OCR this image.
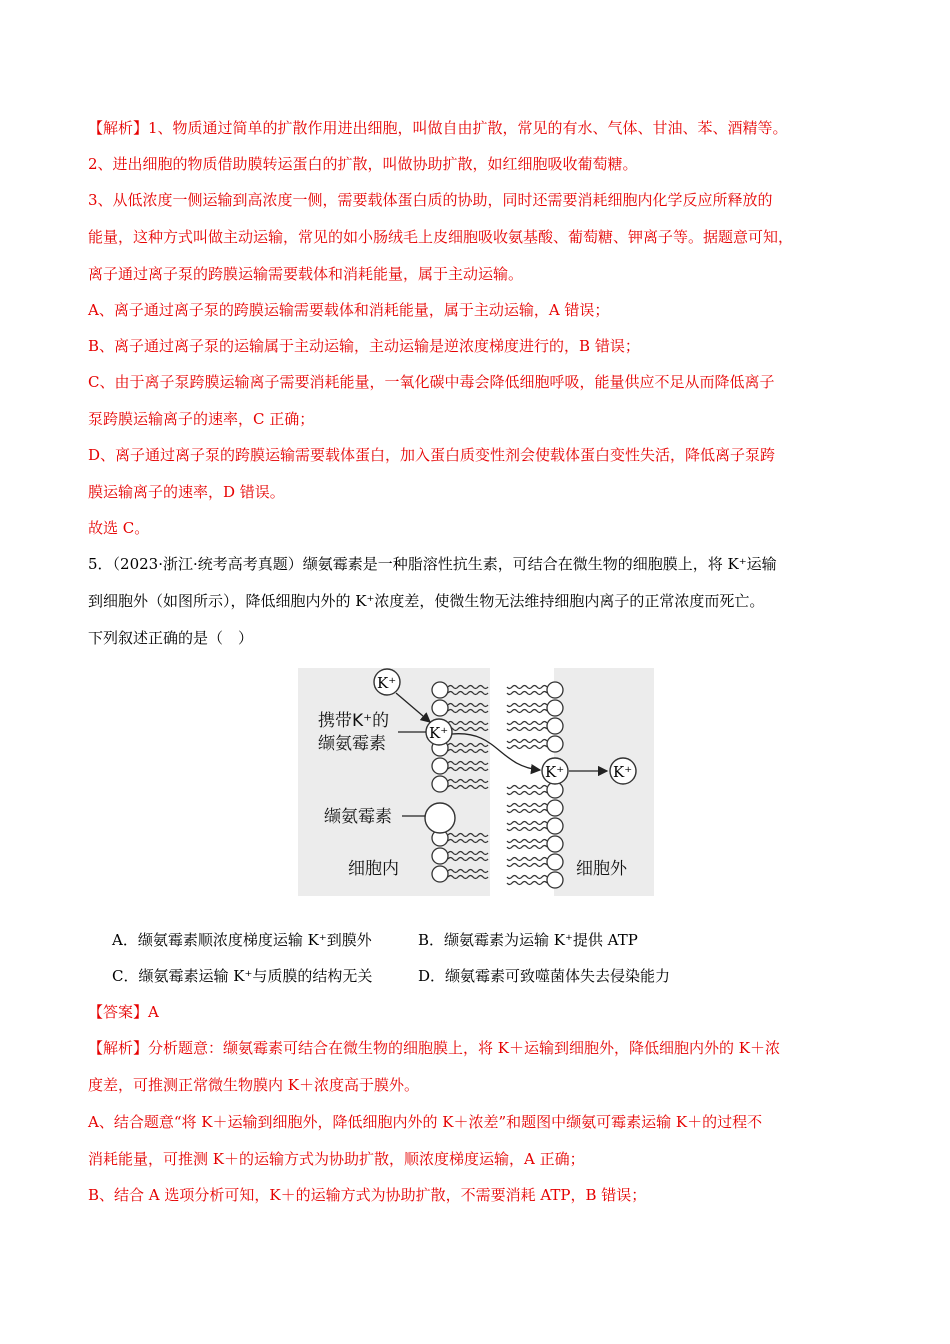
【解析】1、物质通过简单的扩散作用进出细胞，叫做自由扩散，常见的有水、气体、甘油、苯、酒精等。
2、进出细胞的物质借助膜转运蛋白的扩散，叫做协助扩散，如红细胞吸收葡萄糖。
3、从低浓度一侧运输到高浓度一侧，需要载体蛋白质的协助，同时还需要消耗细胞内化学反应所释放的
能量，这种方式叫做主动运输，常见的如小肠绒毛上皮细胞吸收氨基酸、葡萄糖、钾离子等。据题意可知，
离子通过离子泵的跨膜运输需要载体和消耗能量，属于主动运输。
A、离子通过离子泵的跨膜运输需要载体和消耗能量，属于主动运输，A 错误；
B、离子通过离子泵的运输属于主动运输，主动运输是逆浓度梯度进行的，B 错误；
C、由于离子泵跨膜运输离子需要消耗能量，一氧化碳中毒会降低细胞呼吸，能量供应不足从而降低离子
泵跨膜运输离子的速率，C 正确；
D、离子通过离子泵的跨膜运输需要载体蛋白，加入蛋白质变性剂会使载体蛋白变性失活，降低离子泵跨
膜运输离子的速率，D 错误。
故选 C。
5．（2023·浙江·统考高考真题）缬氨霉素是一种脂溶性抗生素，可结合在微生物的细胞膜上，将 K⁺运输
到细胞外（如图所示），降低细胞内外的 K⁺浓度差，使微生物无法维持细胞内离子的正常浓度而死亡。
下列叙述正确的是（　）
K⁺
K⁺
K⁺	K⁺
携带K⁺的
缬氨霉素
缬氨霉素
细胞内	细胞外
A．缬氨霉素顺浓度梯度运输 K⁺到膜外	B．缬氨霉素为运输 K⁺提供 ATP
C．缬氨霉素运输 K⁺与质膜的结构无关	D．缬氨霉素可致噬菌体失去侵染能力
【答案】A
【解析】分析题意：缬氨霉素可结合在微生物的细胞膜上，将 K＋运输到细胞外，降低细胞内外的 K＋浓
度差，可推测正常微生物膜内 K＋浓度高于膜外。
A、结合题意“将 K＋运输到细胞外，降低细胞内外的 K＋浓差”和题图中缬氨可霉素运输 K＋的过程不
消耗能量，可推测 K＋的运输方式为协助扩散，顺浓度梯度运输，A 正确；
B、结合 A 选项分析可知，K＋的运输方式为协助扩散，不需要消耗 ATP，B 错误；
